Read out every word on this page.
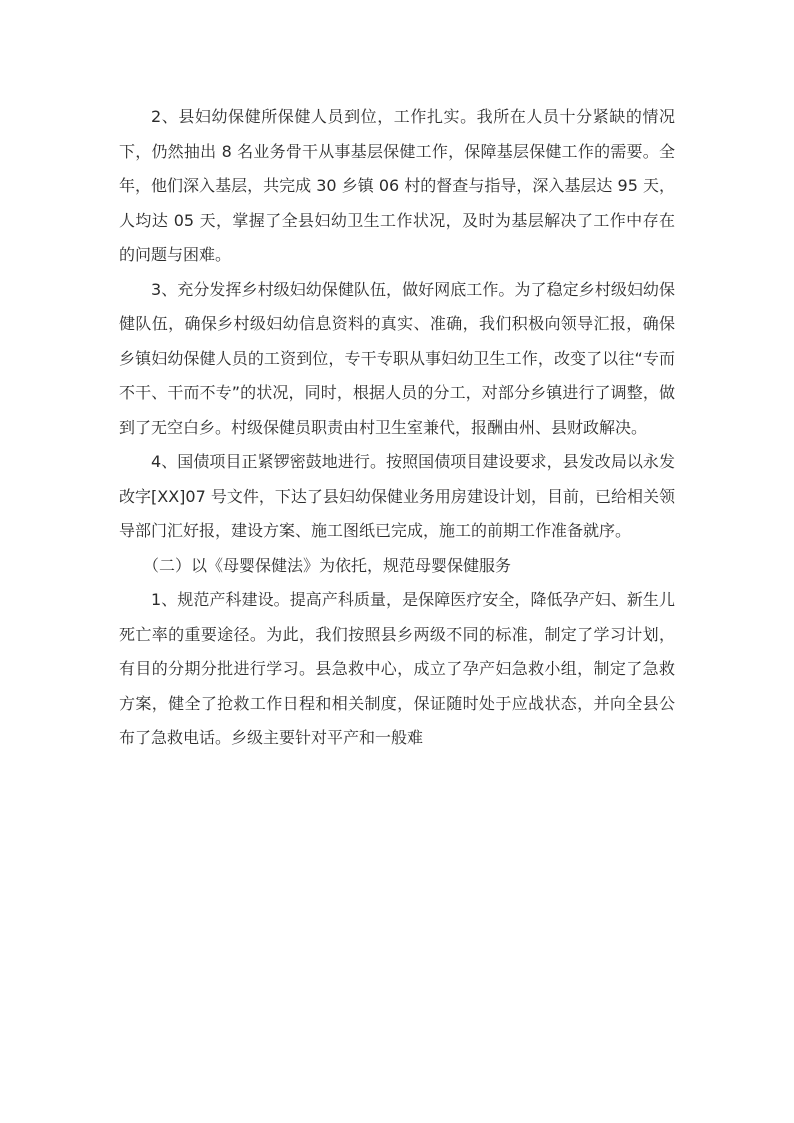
2、县妇幼保健所保健人员到位，工作扎实。我所在人员十分紧缺的情况下，仍然抽出 8 名业务骨干从事基层保健工作，保障基层保健工作的需要。全年，他们深入基层，共完成 30 乡镇 06 村的督查与指导，深入基层达 95 天，人均达 05 天，掌握了全县妇幼卫生工作状况，及时为基层解决了工作中存在的问题与困难。

3、充分发挥乡村级妇幼保健队伍，做好网底工作。为了稳定乡村级妇幼保健队伍，确保乡村级妇幼信息资料的真实、准确，我们积极向领导汇报，确保乡镇妇幼保健人员的工资到位，专干专职从事妇幼卫生工作，改变了以往“专而不干、干而不专”的状况，同时，根据人员的分工，对部分乡镇进行了调整，做到了无空白乡。村级保健员职责由村卫生室兼代，报酬由州、县财政解决。

4、国债项目正紧锣密鼓地进行。按照国债项目建设要求，县发改局以永发改字[XX]07 号文件，下达了县妇幼保健业务用房建设计划，目前，已给相关领导部门汇好报，建设方案、施工图纸已完成，施工的前期工作准备就序。

（二）以《母婴保健法》为依托，规范母婴保健服务

1、规范产科建设。提高产科质量，是保障医疗安全，降低孕产妇、新生儿死亡率的重要途径。为此，我们按照县乡两级不同的标准，制定了学习计划，有目的分期分批进行学习。县急救中心，成立了孕产妇急救小组，制定了急救方案，健全了抢救工作日程和相关制度，保证随时处于应战状态，并向全县公布了急救电话。乡级主要针对平产和一般难
